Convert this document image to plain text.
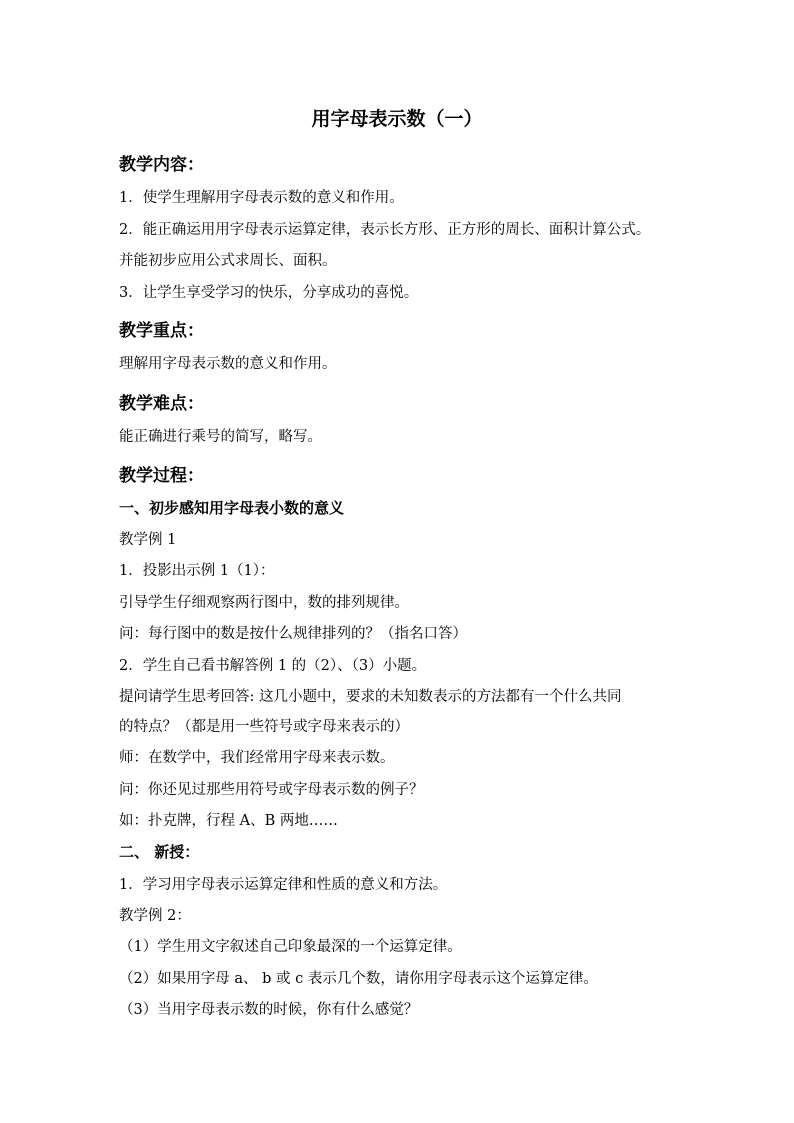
用字母表示数（一）
教学内容：
1．使学生理解用字母表示数的意义和作用。
2．能正确运用用字母表示运算定律，表示长方形、正方形的周长、面积计算公式。
并能初步应用公式求周长、面积。
3．让学生享受学习的快乐，分享成功的喜悦。
教学重点：
理解用字母表示数的意义和作用。
教学难点：
能正确进行乘号的简写，略写。
教学过程：
一、初步感知用字母表小数的意义
教学例 1
1．投影出示例 1（1）：
引导学生仔细观察两行图中，数的排列规律。
问：每行图中的数是按什么规律排列的？（指名口答）
2．学生自己看书解答例 1 的（2）、（3）小题。
提问请学生思考回答: 这几小题中，要求的未知数表示的方法都有一个什么共同
的特点？（都是用一些符号或字母来表示的）
师：在数学中，我们经常用字母来表示数。
问：你还见过那些用符号或字母表示数的例子？
如：扑克牌，行程 A、B 两地……
二、 新授：
1．学习用字母表示运算定律和性质的意义和方法。
教学例 2：
（1）学生用文字叙述自己印象最深的一个运算定律。
（2）如果用字母 a、 b 或 c 表示几个数，请你用字母表示这个运算定律。
（3）当用字母表示数的时候，你有什么感觉？
